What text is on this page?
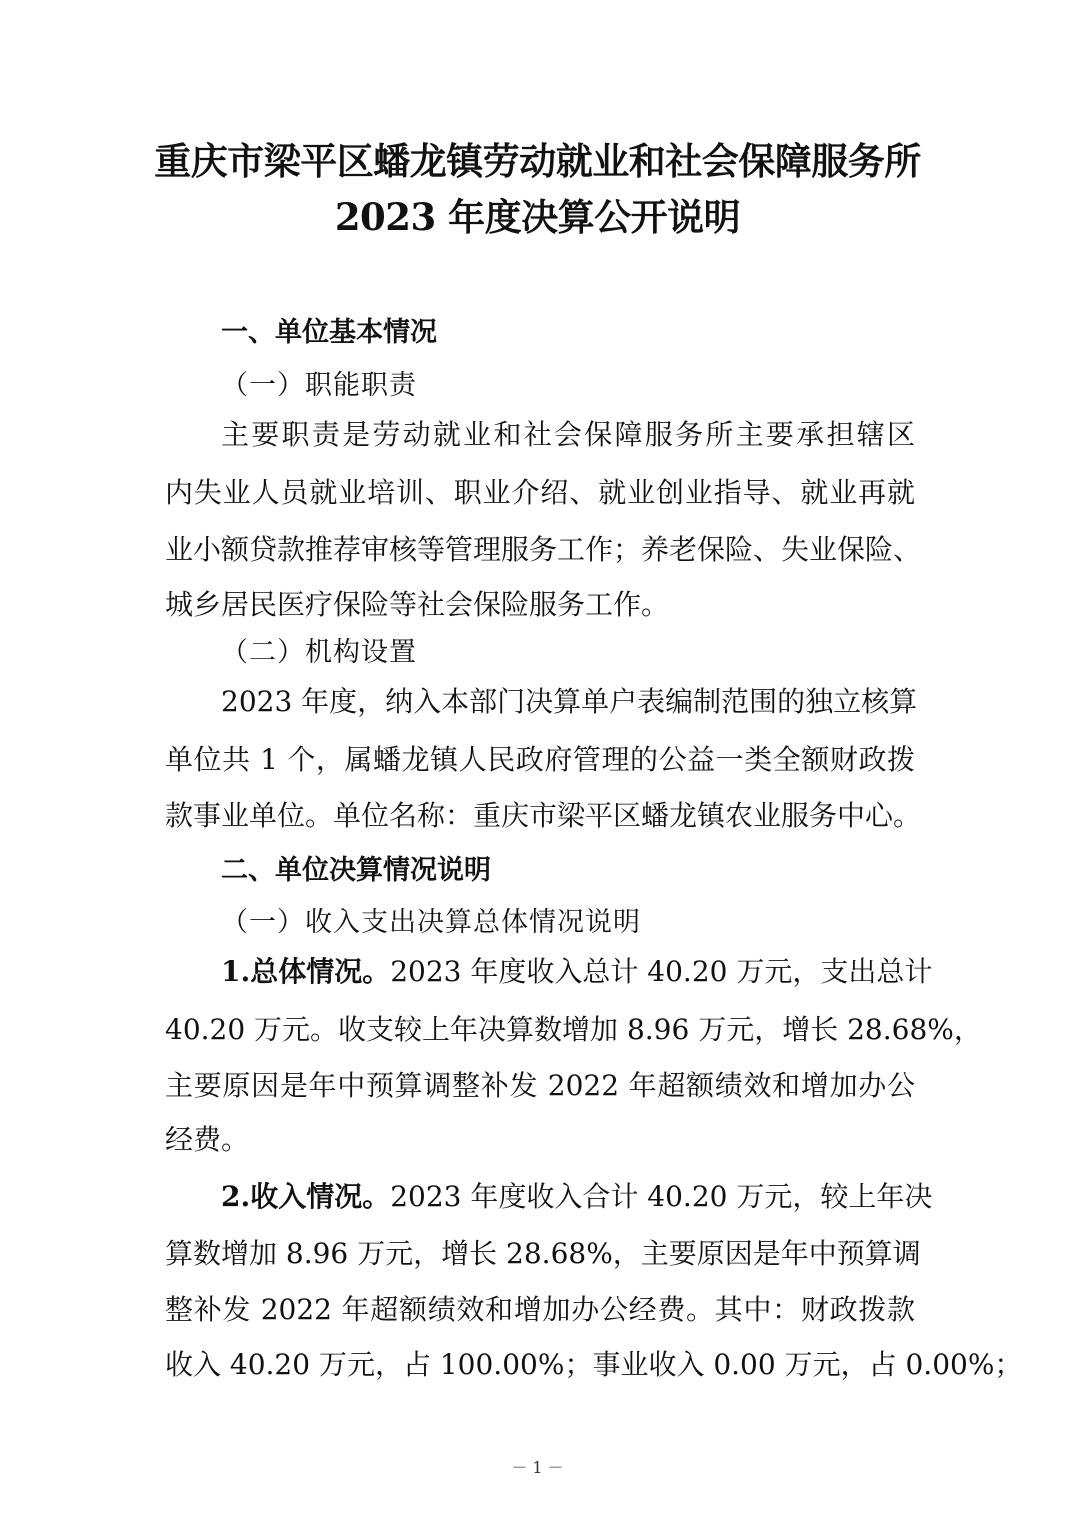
重庆市梁平区蟠龙镇劳动就业和社会保障服务所
2023 年度决算公开说明

一、单位基本情况

（一）职能职责

主要职责是劳动就业和社会保障服务所主要承担辖区

内失业人员就业培训、职业介绍、就业创业指导、就业再就

业小额贷款推荐审核等管理服务工作；养老保险、失业保险、

城乡居民医疗保险等社会保险服务工作。

（二）机构设置

2023 年度，纳入本部门决算单户表编制范围的独立核算

单位共 1 个，属蟠龙镇人民政府管理的公益一类全额财政拨

款事业单位。单位名称：重庆市梁平区蟠龙镇农业服务中心。

二、单位决算情况说明

（一）收入支出决算总体情况说明

1.总体情况。2023 年度收入总计 40.20 万元，支出总计

40.20 万元。收支较上年决算数增加 8.96 万元，增长 28.68%，

主要原因是年中预算调整补发 2022 年超额绩效和增加办公

经费。

2.收入情况。2023 年度收入合计 40.20 万元，较上年决

算数增加 8.96 万元，增长 28.68%，主要原因是年中预算调

整补发 2022 年超额绩效和增加办公经费。其中：财政拨款

收入 40.20 万元，占 100.00%；事业收入 0.00 万元，占 0.00%；

－ 1 －
